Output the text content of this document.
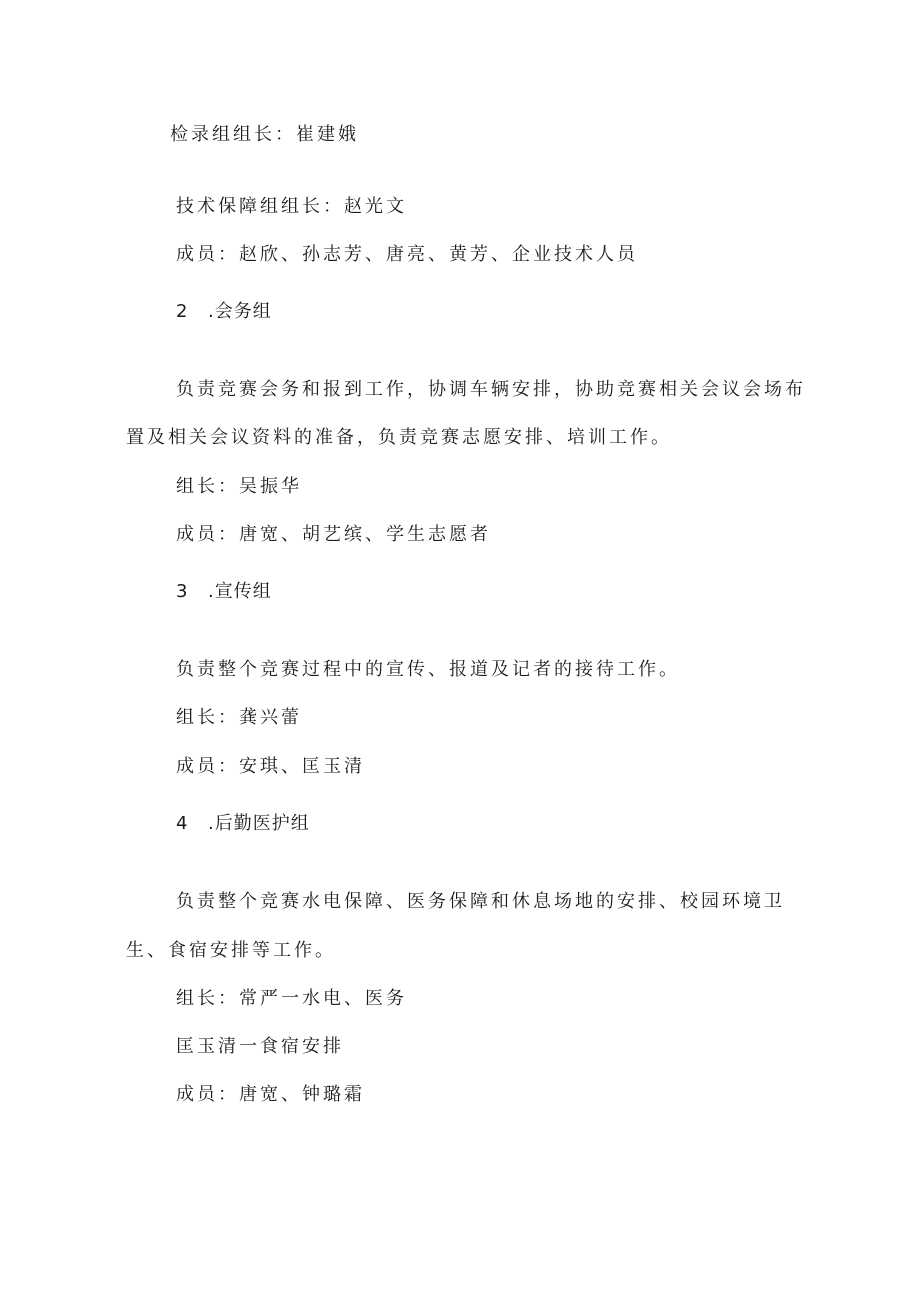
检录组组长：崔建娥
技术保障组组长：赵光文
成员：赵欣、孙志芳、唐亮、黄芳、企业技术人员
2 .会务组
负责竞赛会务和报到工作，协调车辆安排，协助竞赛相关会议会场布
置及相关会议资料的准备，负责竞赛志愿安排、培训工作。
组长：吴振华
成员：唐宽、胡艺缤、学生志愿者
3 .宣传组
负责整个竞赛过程中的宣传、报道及记者的接待工作。
组长：龚兴蕾
成员：安琪、匡玉清
4 .后勤医护组
负责整个竞赛水电保障、医务保障和休息场地的安排、校园环境卫
生、食宿安排等工作。
组长：常严一水电、医务
匡玉清一食宿安排
成员：唐宽、钟璐霜
